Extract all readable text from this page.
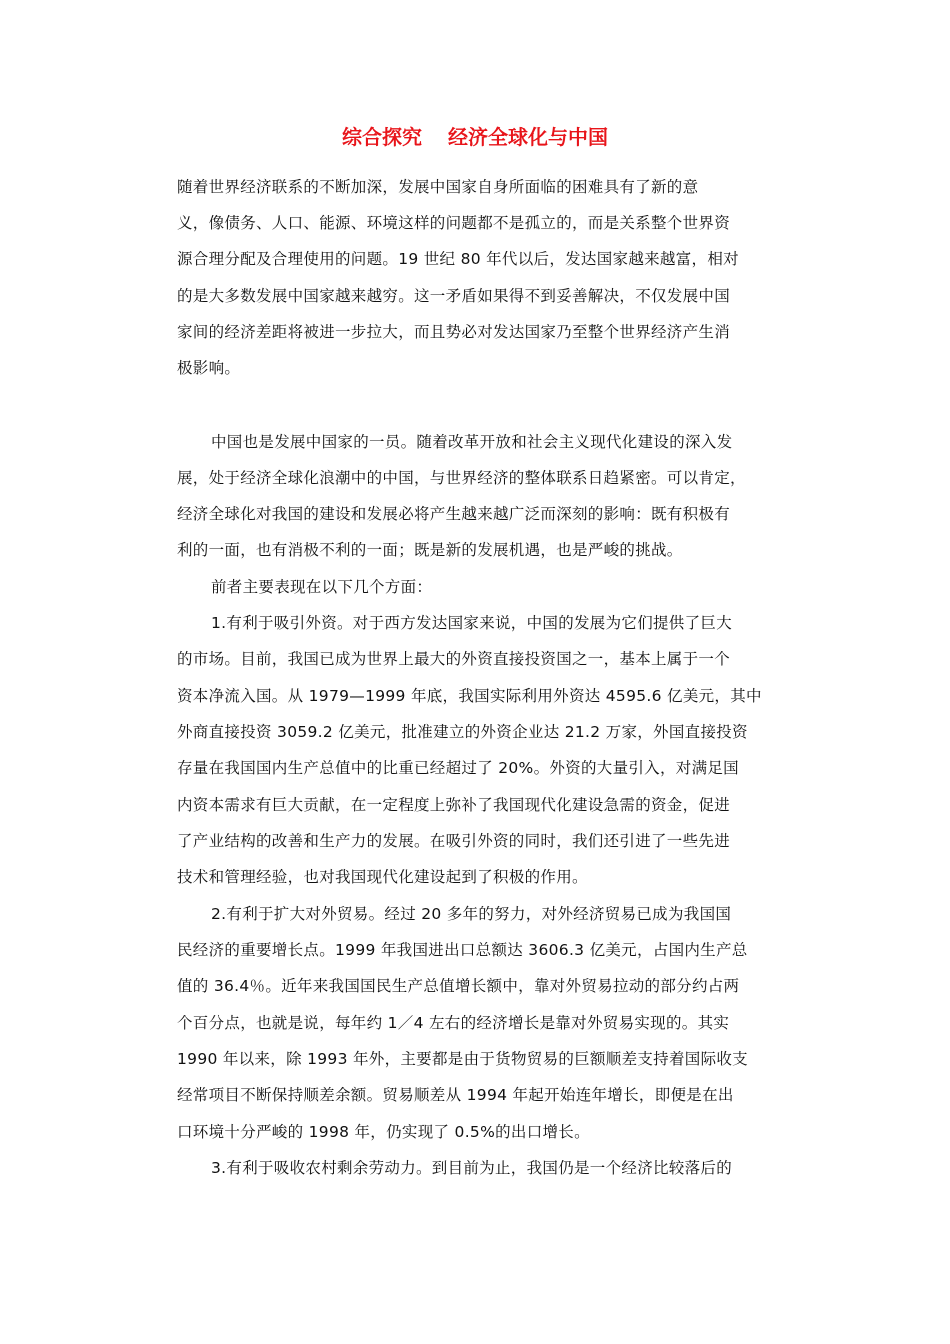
综合探究 经济全球化与中国
随着世界经济联系的不断加深，发展中国家自身所面临的困难具有了新的意
义，像债务、人口、能源、环境这样的问题都不是孤立的，而是关系整个世界资
源合理分配及合理使用的问题。19 世纪 80 年代以后，发达国家越来越富，相对
的是大多数发展中国家越来越穷。这一矛盾如果得不到妥善解决，不仅发展中国
家间的经济差距将被进一步拉大，而且势必对发达国家乃至整个世界经济产生消
极影响。
中国也是发展中国家的一员。随着改革开放和社会主义现代化建设的深入发
展，处于经济全球化浪潮中的中国，与世界经济的整体联系日趋紧密。可以肯定，
经济全球化对我国的建设和发展必将产生越来越广泛而深刻的影响：既有积极有
利的一面，也有消极不利的一面；既是新的发展机遇，也是严峻的挑战。
前者主要表现在以下几个方面：
1.有利于吸引外资。对于西方发达国家来说，中国的发展为它们提供了巨大
的市场。目前，我国已成为世界上最大的外资直接投资国之一，基本上属于一个
资本净流入国。从 1979—1999 年底，我国实际利用外资达 4595.6 亿美元，其中
外商直接投资 3059.2 亿美元，批准建立的外资企业达 21.2 万家，外国直接投资
存量在我国国内生产总值中的比重已经超过了 20%。外资的大量引入，对满足国
内资本需求有巨大贡献，在一定程度上弥补了我国现代化建设急需的资金，促进
了产业结构的改善和生产力的发展。在吸引外资的同时，我们还引进了一些先进
技术和管理经验，也对我国现代化建设起到了积极的作用。
2.有利于扩大对外贸易。经过 20 多年的努力，对外经济贸易已成为我国国
民经济的重要增长点。1999 年我国进出口总额达 3606.3 亿美元，占国内生产总
值的 36.4％。近年来我国国民生产总值增长额中，靠对外贸易拉动的部分约占两
个百分点，也就是说，每年约 1／4 左右的经济增长是靠对外贸易实现的。其实
1990 年以来，除 1993 年外，主要都是由于货物贸易的巨额顺差支持着国际收支
经常项目不断保持顺差余额。贸易顺差从 1994 年起开始连年增长，即便是在出
口环境十分严峻的 1998 年，仍实现了 0.5%的出口增长。
3.有利于吸收农村剩余劳动力。到目前为止，我国仍是一个经济比较落后的
